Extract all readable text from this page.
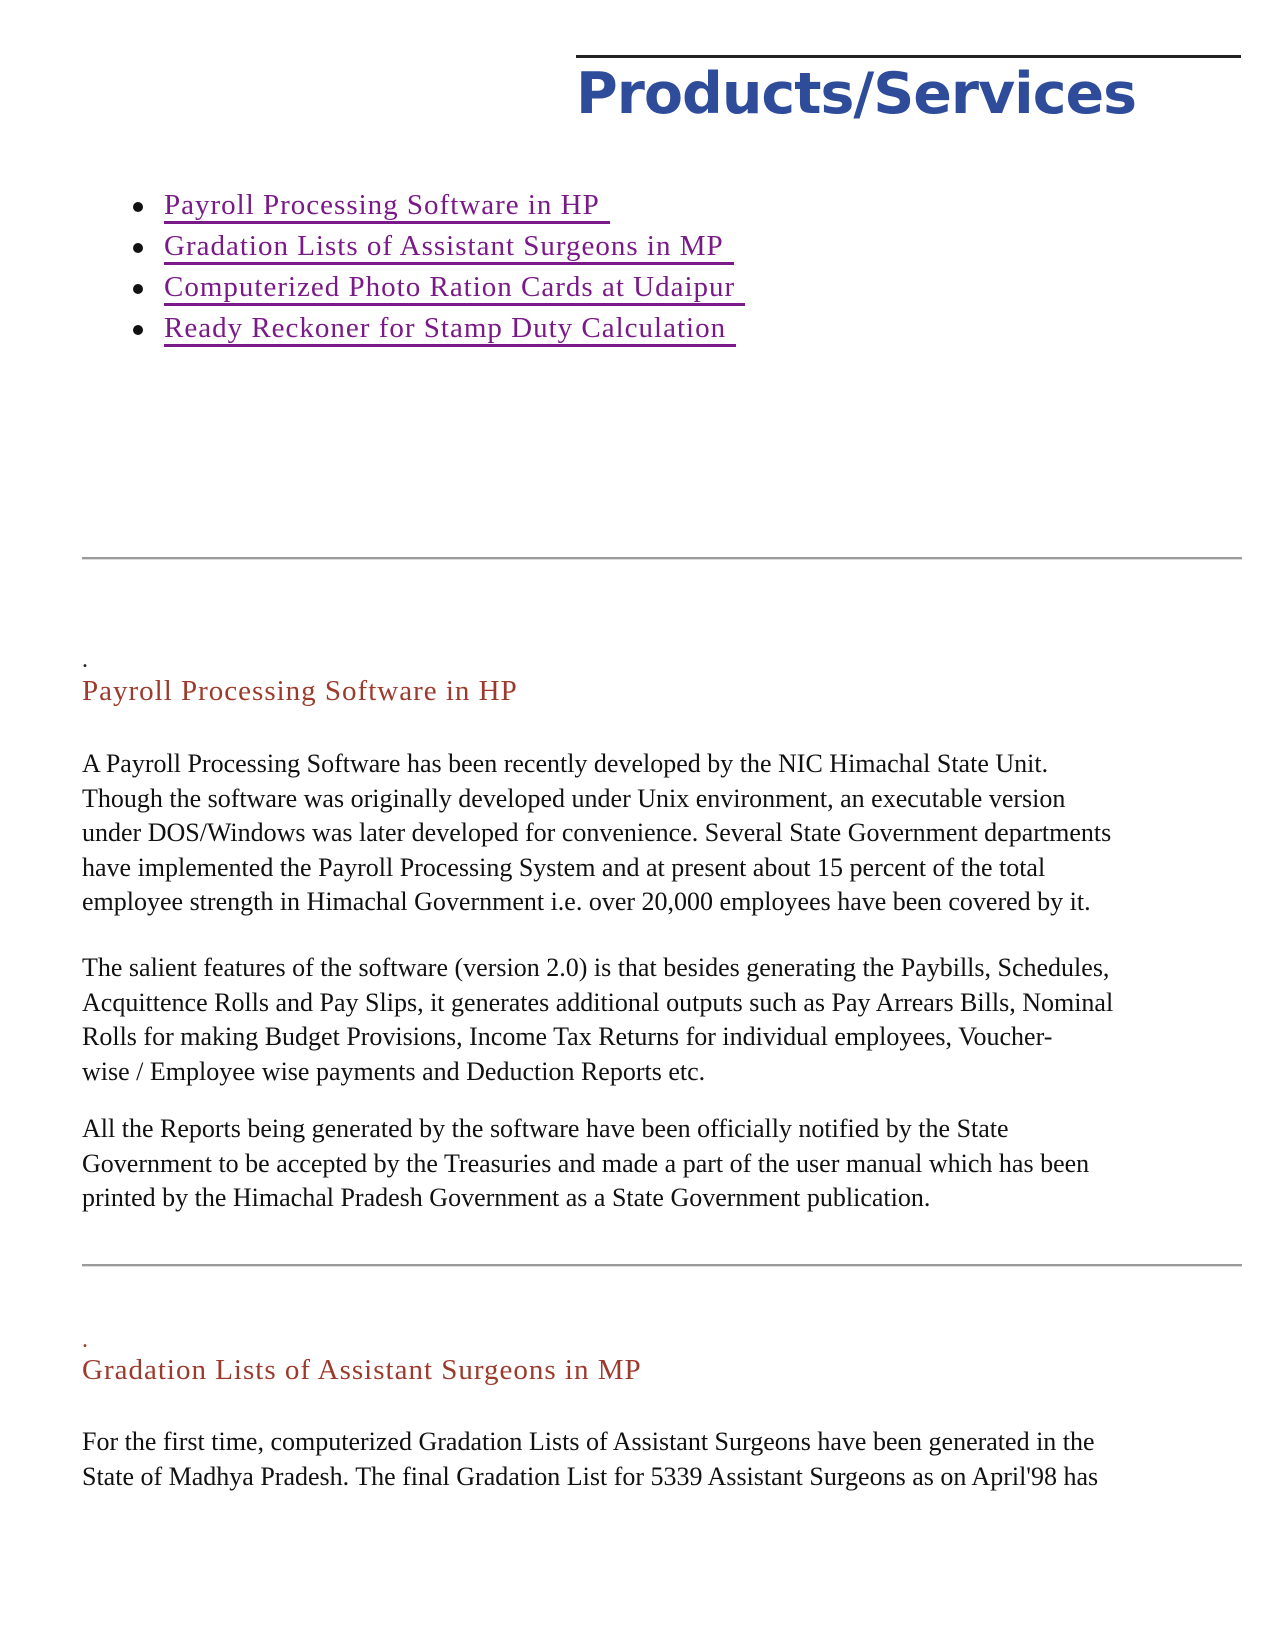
Products/Services
Payroll Processing Software in HP
Gradation Lists of Assistant Surgeons in MP
Computerized Photo Ration Cards at Udaipur
Ready Reckoner for Stamp Duty Calculation
.
Payroll Processing Software in HP

A Payroll Processing Software has been recently developed by the NIC Himachal State Unit.
Though the software was originally developed under Unix environment, an executable version
under DOS/Windows was later developed for convenience. Several State Government departments
have implemented the Payroll Processing System and at present about 15 percent of the total
employee strength in Himachal Government i.e. over 20,000 employees have been covered by it.

The salient features of the software (version 2.0) is that besides generating the Paybills, Schedules,
Acquittence Rolls and Pay Slips, it generates additional outputs such as Pay Arrears Bills, Nominal
Rolls for making Budget Provisions, Income Tax Returns for individual employees, Voucher-
wise / Employee wise payments and Deduction Reports etc.

All the Reports being generated by the software have been officially notified by the State
Government to be accepted by the Treasuries and made a part of the user manual which has been
printed by the Himachal Pradesh Government as a State Government publication.

.
Gradation Lists of Assistant Surgeons in MP

For the first time, computerized Gradation Lists of Assistant Surgeons have been generated in the
State of Madhya Pradesh. The final Gradation List for 5339 Assistant Surgeons as on April'98 has
